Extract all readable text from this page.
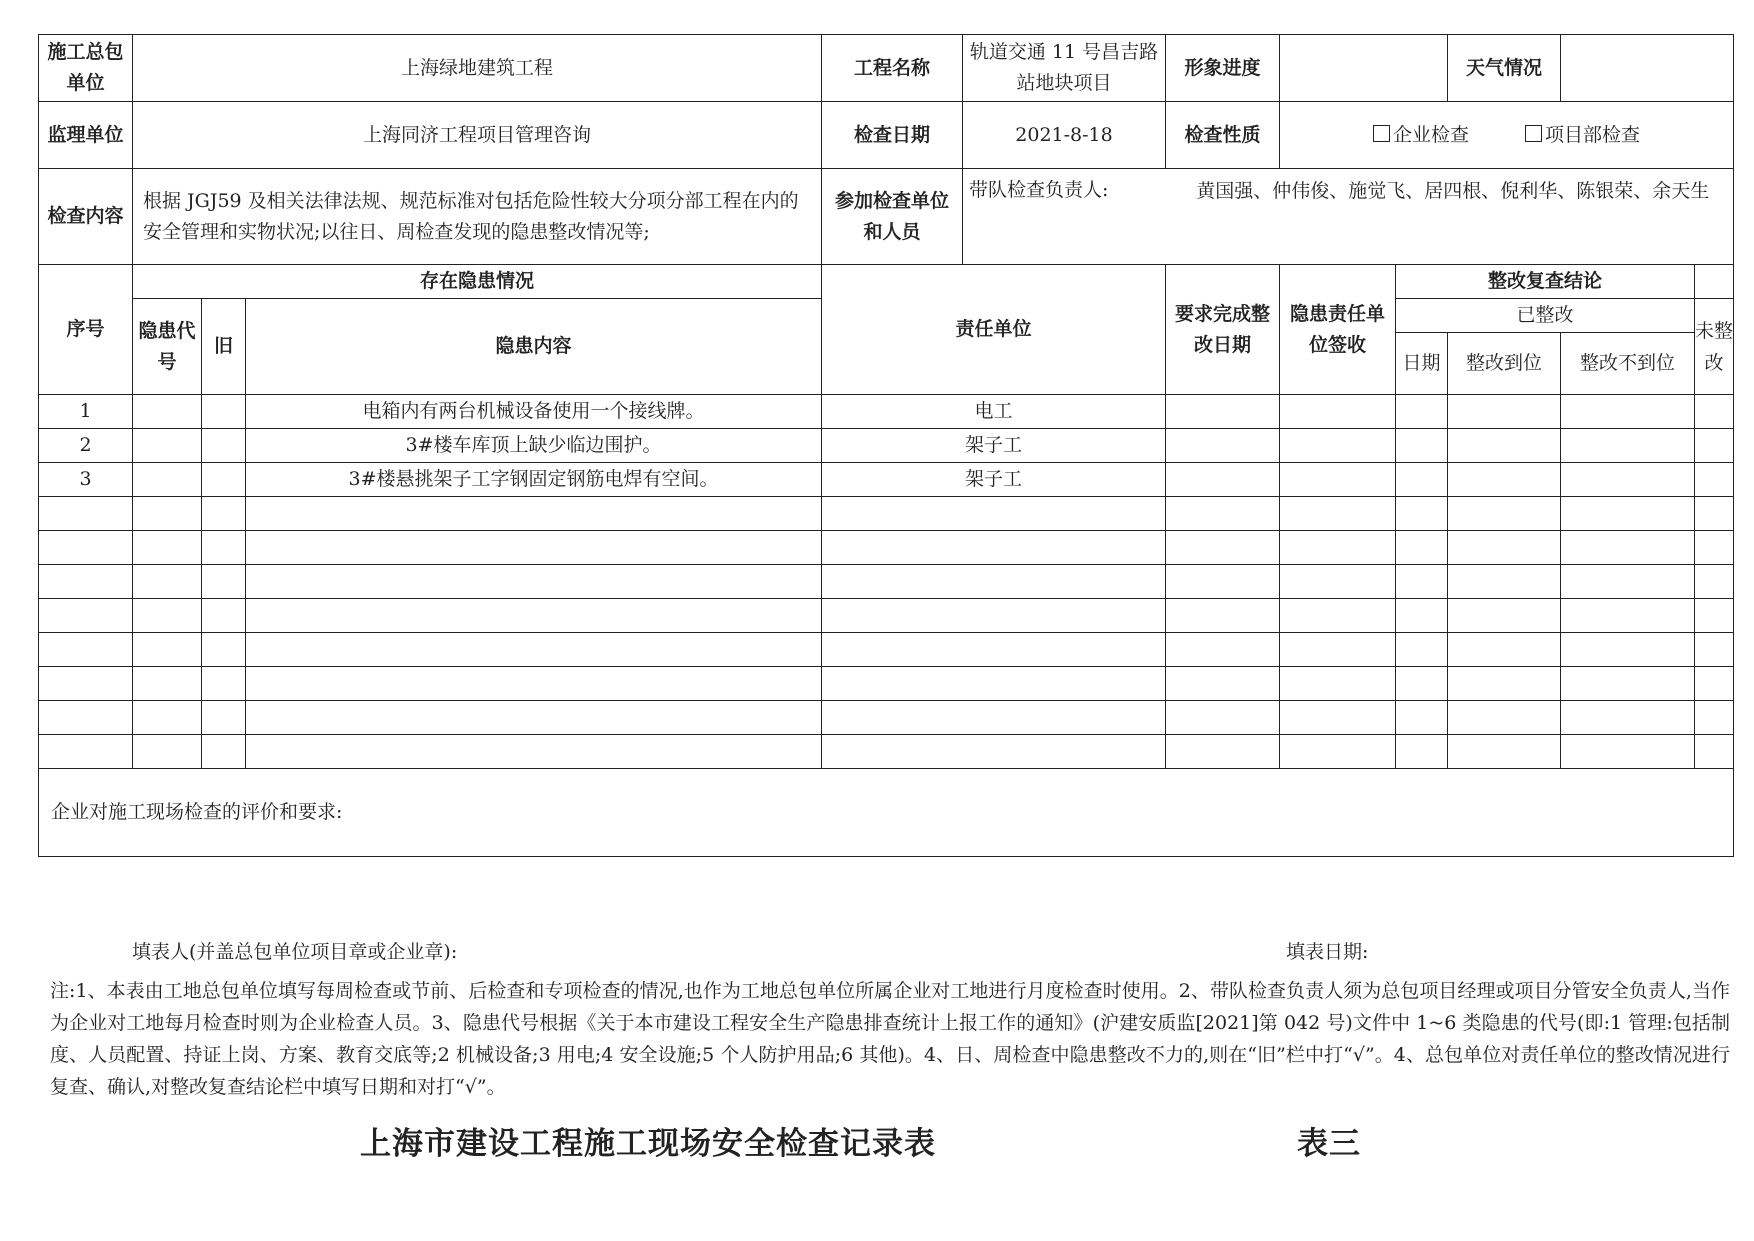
施工总包单位	上海绿地建筑工程			工程名称	轨道交通 11 号昌吉路站地块项目	形象进度			天气情况		
监理单位	上海同济工程项目管理咨询			检查日期	2021-8-18	检查性质	企业检查 项目部检查				
检查内容	根据 JGJ59 及相关法律法规、规范标准对包括危险性较大分项分部工程在内的安全管理和实物状况;以往日、周检查发现的隐患整改情况等;			参加检查单位和人员	带队检查负责人: 黄国强、仲伟俊、施觉飞、居四根、倪利华、陈银荣、余天生						

序号	存在隐患情况			责任单位		要求完成整改日期	隐患责任单位签收	整改复查结论			
	隐患代号	旧	隐患内容					已整改			未整改
								日期	整改到位	整改不到位	
1			电箱内有两台机械设备使用一个接线牌。	电工							
2			3#楼车库顶上缺少临边围护。	架子工							
3			3#楼悬挑架子工字钢固定钢筋电焊有空间。	架子工							

企业对施工现场检查的评价和要求:											
填表人(并盖总包单位项目章或企业章):	填表日期:
注:1、本表由工地总包单位填写每周检查或节前、后检查和专项检查的情况,也作为工地总包单位所属企业对工地进行月度检查时使用。2、带队检查负责人须为总包项目经理或项目分管安全负责人,当作为企业对工地每月检查时则为企业检查人员。3、隐患代号根据《关于本市建设工程安全生产隐患排查统计上报工作的通知》(沪建安质监[2021]第 042 号)文件中 1~6 类隐患的代号(即:1 管理:包括制度、人员配置、持证上岗、方案、教育交底等;2 机械设备;3 用电;4 安全设施;5 个人防护用品;6 其他)。4、日、周检查中隐患整改不力的,则在“旧”栏中打“√”。4、总包单位对责任单位的整改情况进行复查、确认,对整改复查结论栏中填写日期和对打“√”。
上海市建设工程施工现场安全检查记录表	表三
